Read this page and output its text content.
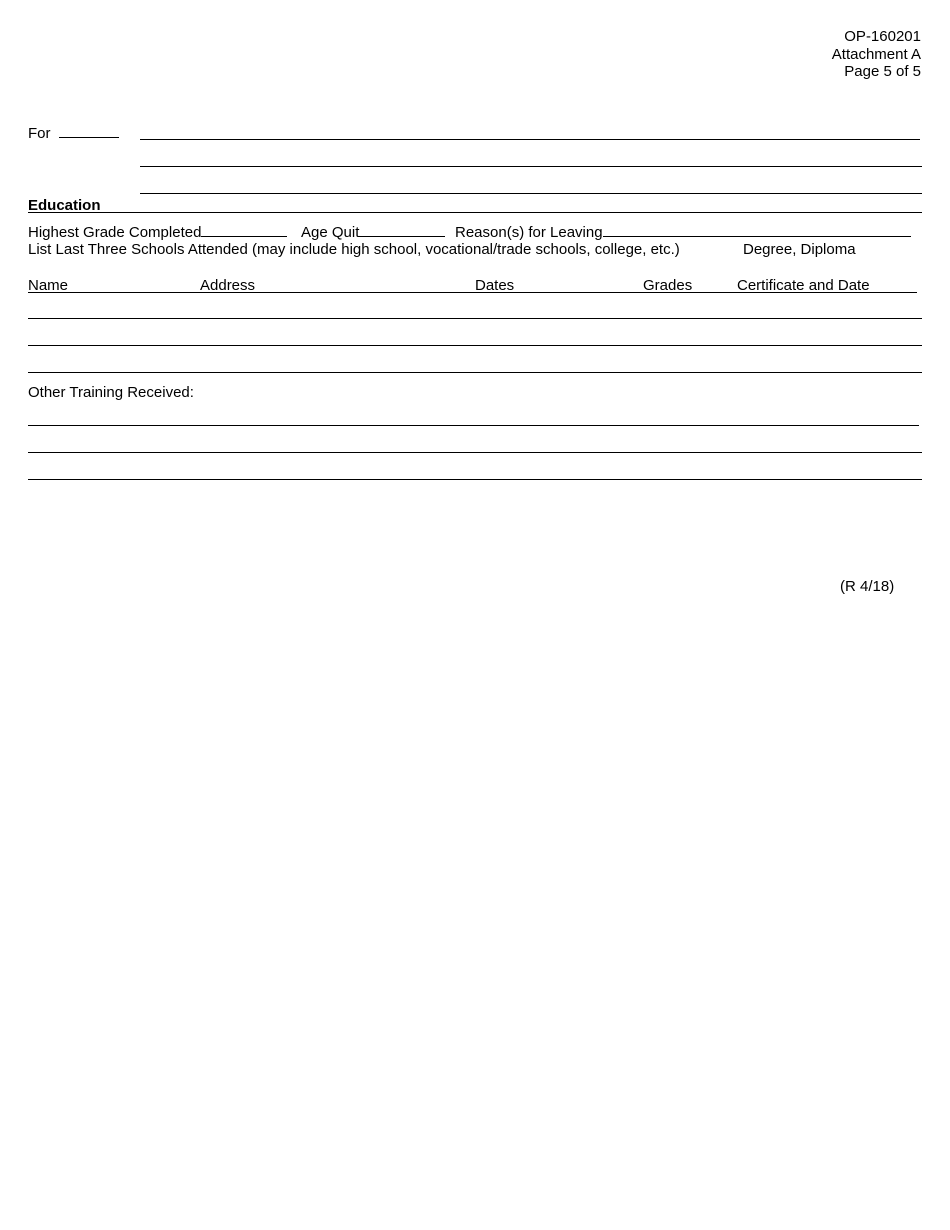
OP-160201
Attachment A
Page 5 of 5
For
Education
Highest Grade Completed	Age Quit	Reason(s) for Leaving
List Last Three Schools Attended (may include high school, vocational/trade schools, college, etc.)	Degree, Diploma
Name	Address	Dates	Grades	Certificate and Date
Other Training Received:
(R 4/18)
